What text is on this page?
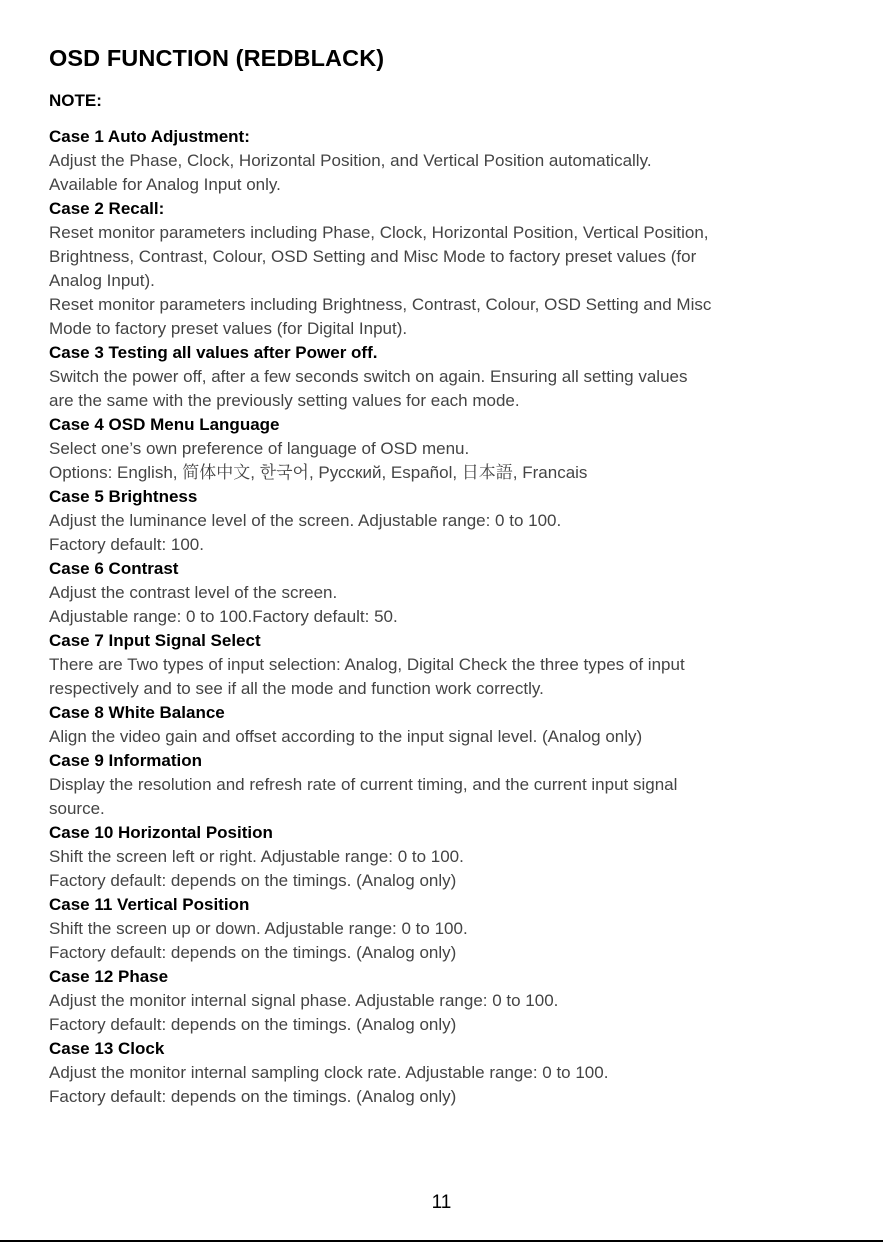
OSD FUNCTION (REDBLACK)
NOTE:
Case 1 Auto Adjustment:
Adjust the Phase, Clock, Horizontal Position, and Vertical Position automatically.
Available for Analog Input only.
Case 2 Recall:
Reset monitor parameters including Phase, Clock, Horizontal Position, Vertical Position,
Brightness, Contrast, Colour, OSD Setting and Misc Mode to factory preset values (for
Analog Input).
Reset monitor parameters including Brightness, Contrast, Colour, OSD Setting and Misc
Mode to factory preset values (for Digital Input).
Case 3 Testing all values after Power off.
Switch the power off, after a few seconds switch on again. Ensuring all setting values
are the same with the previously setting values for each mode.
Case 4 OSD Menu Language
Select one’s own preference of language of OSD menu.
Options: English, 简体中文, 한국어, Русский, Español, 日本語, Francais
Case 5 Brightness
Adjust the luminance level of the screen. Adjustable range: 0 to 100.
Factory default: 100.
Case 6 Contrast
Adjust the contrast level of the screen.
Adjustable range: 0 to 100.Factory default: 50.
Case 7 Input Signal Select
There are Two types of input selection: Analog, Digital Check the three types of input
respectively and to see if all the mode and function work correctly.
Case 8 White Balance
Align the video gain and offset according to the input signal level. (Analog only)
Case 9 Information
Display the resolution and refresh rate of current timing, and the current input signal
source.
Case 10 Horizontal Position
Shift the screen left or right. Adjustable range: 0 to 100.
Factory default: depends on the timings. (Analog only)
Case 11 Vertical Position
Shift the screen up or down. Adjustable range: 0 to 100.
Factory default: depends on the timings. (Analog only)
Case 12 Phase
Adjust the monitor internal signal phase. Adjustable range: 0 to 100.
Factory default: depends on the timings. (Analog only)
Case 13 Clock
Adjust the monitor internal sampling clock rate. Adjustable range: 0 to 100.
Factory default: depends on the timings. (Analog only)
11
